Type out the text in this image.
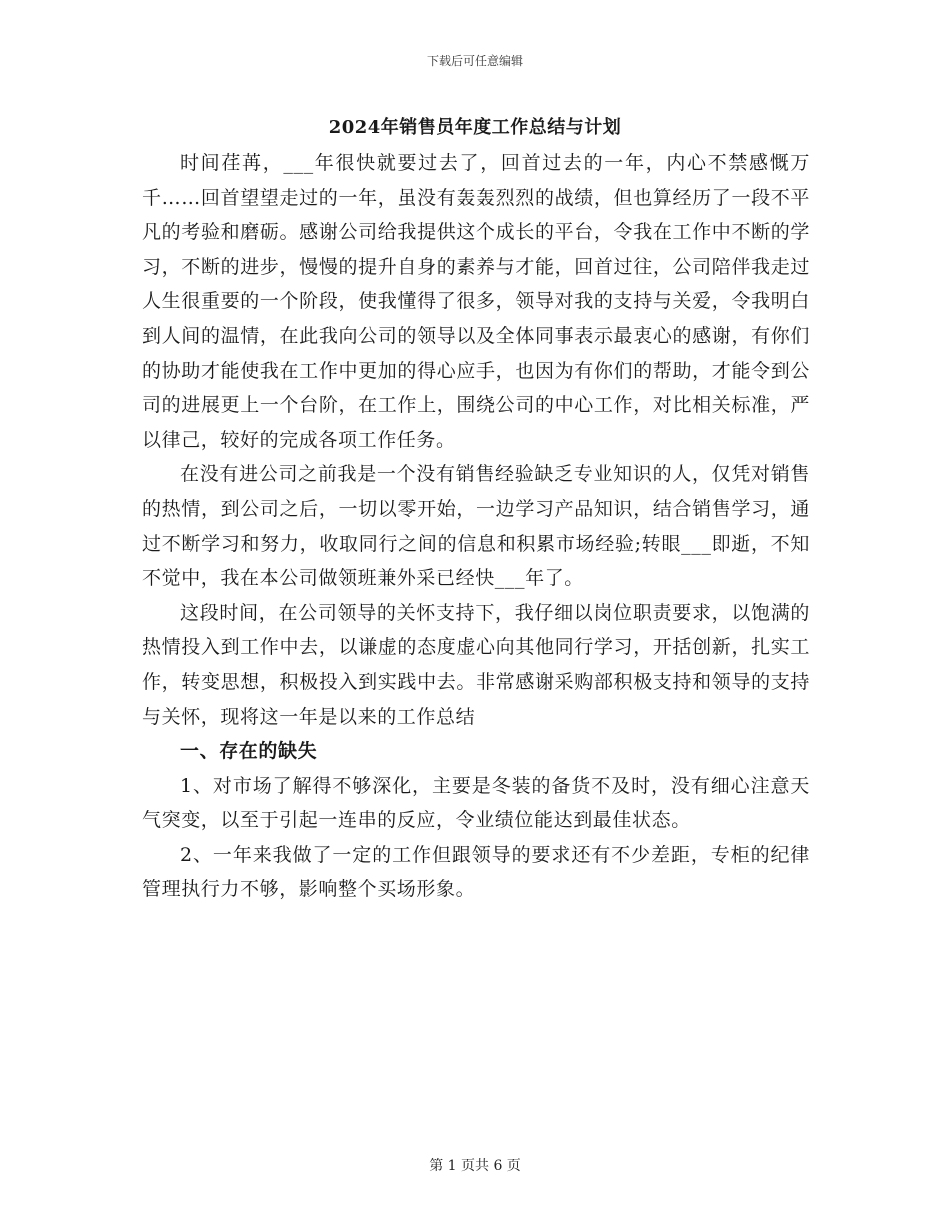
下载后可任意编辑
2024年销售员年度工作总结与计划

时间荏苒，___年很快就要过去了，回首过去的一年，内心不禁感慨万千……回首望望走过的一年，虽没有轰轰烈烈的战绩，但也算经历了一段不平凡的考验和磨砺。感谢公司给我提供这个成长的平台，令我在工作中不断的学习，不断的进步，慢慢的提升自身的素养与才能，回首过往，公司陪伴我走过人生很重要的一个阶段，使我懂得了很多，领导对我的支持与关爱，令我明白到人间的温情，在此我向公司的领导以及全体同事表示最衷心的感谢，有你们的协助才能使我在工作中更加的得心应手，也因为有你们的帮助，才能令到公司的进展更上一个台阶，在工作上，围绕公司的中心工作，对比相关标准，严以律己，较好的完成各项工作任务。

在没有进公司之前我是一个没有销售经验缺乏专业知识的人，仅凭对销售的热情，到公司之后，一切以零开始，一边学习产品知识，结合销售学习，通过不断学习和努力，收取同行之间的信息和积累市场经验;转眼___即逝，不知不觉中，我在本公司做领班兼外采已经快___年了。

这段时间，在公司领导的关怀支持下，我仔细以岗位职责要求，以饱满的热情投入到工作中去，以谦虚的态度虚心向其他同行学习，开括创新，扎实工作，转变思想，积极投入到实践中去。非常感谢采购部积极支持和领导的支持与关怀，现将这一年是以来的工作总结

一、存在的缺失

1、对市场了解得不够深化，主要是冬装的备货不及时，没有细心注意天气突变，以至于引起一连串的反应，令业绩位能达到最佳状态。

2、一年来我做了一定的工作但跟领导的要求还有不少差距，专柜的纪律管理执行力不够，影响整个买场形象。

第 1 页共 6 页
